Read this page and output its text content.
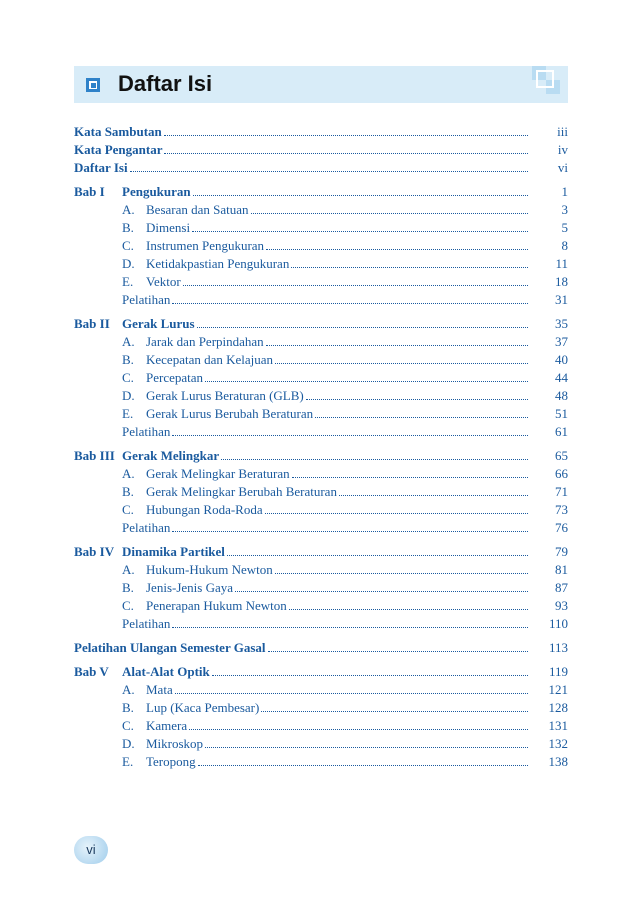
Daftar Isi
Kata Sambutan	iii
Kata Pengantar	iv
Daftar Isi	vi
Bab I	Pengukuran	1
A. Besaran dan Satuan	3
B. Dimensi	5
C. Instrumen Pengukuran	8
D. Ketidakpastian Pengukuran	11
E. Vektor	18
Pelatihan	31
Bab II Gerak Lurus	35
A. Jarak dan Perpindahan	37
B. Kecepatan dan Kelajuan	40
C. Percepatan	44
D. Gerak Lurus Beraturan (GLB)	48
E. Gerak Lurus Berubah Beraturan	51
Pelatihan	61
Bab III Gerak Melingkar	65
A. Gerak Melingkar Beraturan	66
B. Gerak Melingkar Berubah Beraturan	71
C. Hubungan Roda-Roda	73
Pelatihan	76
Bab IV Dinamika Partikel	79
A. Hukum-Hukum Newton	81
B. Jenis-Jenis Gaya	87
C. Penerapan Hukum Newton	93
Pelatihan	110
Pelatihan Ulangan Semester Gasal	113
Bab V	Alat-Alat Optik	119
A. Mata	121
B. Lup (Kaca Pembesar)	128
C. Kamera	131
D. Mikroskop	132
E. Teropong	138
vi
